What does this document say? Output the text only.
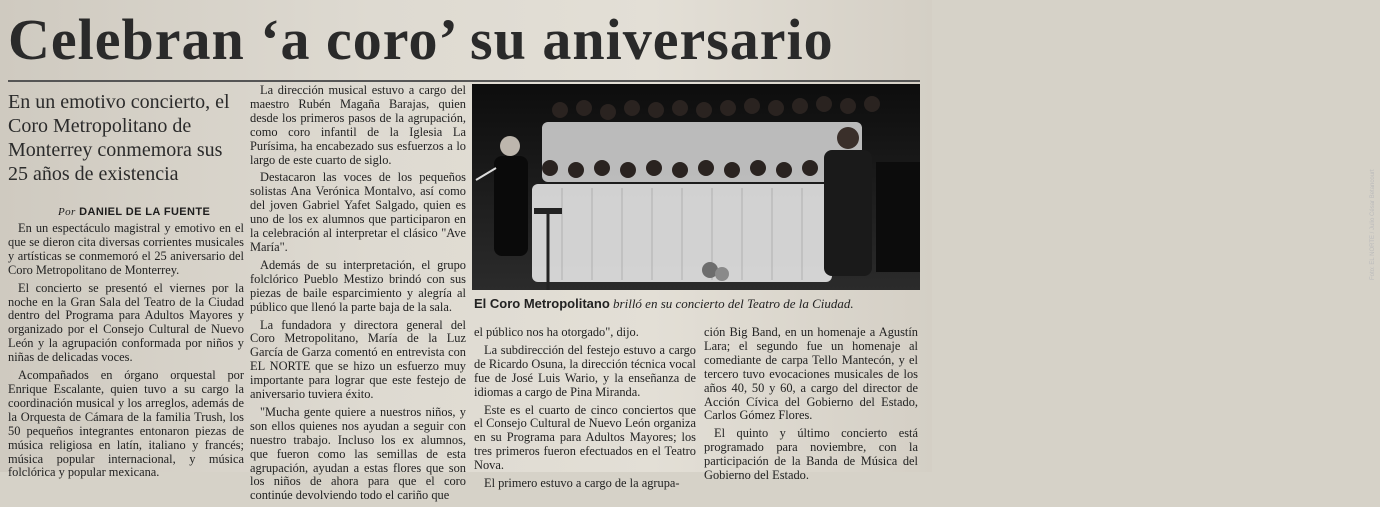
Celebran ‘a coro’ su aniversario
En un emotivo concierto, el Coro Metropolitano de Monterrey conmemora sus 25 años de existencia
Por DANIEL DE LA FUENTE

En un espectáculo magistral y emotivo en el que se dieron cita diversas corrientes musicales y artísticas se conmemoró el 25 aniversario del Coro Metropolitano de Monterrey.

El concierto se presentó el viernes por la noche en la Gran Sala del Teatro de la Ciudad dentro del Programa para Adultos Mayores y organizado por el Consejo Cultural de Nuevo León y la agrupación conformada por niños y niñas de delicadas voces.

Acompañados en órgano orquestal por Enrique Escalante, quien tuvo a su cargo la coordinación musical y los arreglos, además de la Orquesta de Cámara de la familia Trush, los 50 pequeños integrantes entonaron piezas de música religiosa en latín, italiano y francés; música popular internacional, y música folclórica y popular mexicana.

La dirección musical estuvo a cargo del maestro Rubén Magaña Barajas, quien desde los primeros pasos de la agrupación, como coro infantil de la Iglesia La Purísima, ha encabezado sus esfuerzos a lo largo de este cuarto de siglo.

Destacaron las voces de los pequeños solistas Ana Verónica Montalvo, así como del joven Gabriel Yafet Salgado, quien es uno de los ex alumnos que participaron en la celebración al interpretar el clásico "Ave María".

Además de su interpretación, el grupo folclórico Pueblo Mestizo brindó con sus piezas de baile esparcimiento y alegría al público que llenó la parte baja de la sala.

La fundadora y directora general del Coro Metropolitano, María de la Luz García de Garza comentó en entrevista con EL NORTE que se hizo un esfuerzo muy importante para lograr que este festejo de aniversario tuviera éxito.

"Mucha gente quiere a nuestros niños, y son ellos quienes nos ayudan a seguir con nuestro trabajo. Incluso los ex alumnos, que fueron como las semillas de esta agrupación, ayudan a estas flores que son los niños de ahora para que el coro continúe devolviendo todo el cariño que

Foto: EL NORTE / Julio César Betancourt
El Coro Metropolitano brilló en su concierto del Teatro de la Ciudad.

el público nos ha otorgado", dijo.

La subdirección del festejo estuvo a cargo de Ricardo Osuna, la dirección técnica vocal fue de José Luis Wario, y la enseñanza de idiomas a cargo de Pina Miranda.

Este es el cuarto de cinco conciertos que el Consejo Cultural de Nuevo León organiza en su Programa para Adultos Mayores; los tres primeros fueron efectuados en el Teatro Nova.

El primero estuvo a cargo de la agrupa-

ción Big Band, en un homenaje a Agustín Lara; el segundo fue un homenaje al comediante de carpa Tello Mantecón, y el tercero tuvo evocaciones musicales de los años 40, 50 y 60, a cargo del director de Acción Cívica del Gobierno del Estado, Carlos Gómez Flores.

El quinto y último concierto está programado para noviembre, con la participación de la Banda de Música del Gobierno del Estado.
